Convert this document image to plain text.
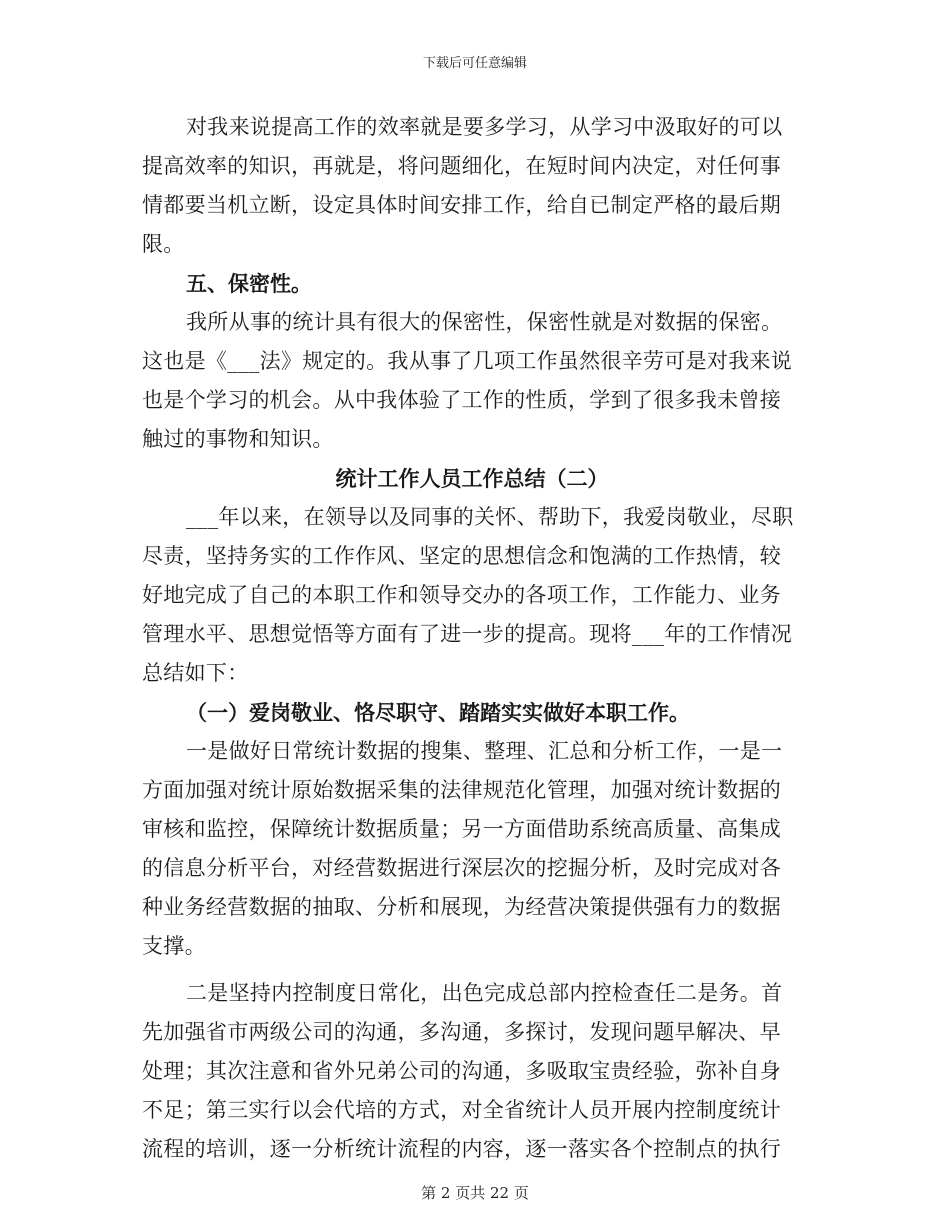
下载后可任意编辑

对我来说提高工作的效率就是要多学习，从学习中汲取好的可以
提高效率的知识，再就是，将问题细化，在短时间内决定，对任何事
情都要当机立断，设定具体时间安排工作，给自已制定严格的最后期
限。

五、保密性。

我所从事的统计具有很大的保密性，保密性就是对数据的保密。
这也是《___法》规定的。我从事了几项工作虽然很辛劳可是对我来说
也是个学习的机会。从中我体验了工作的性质，学到了很多我未曾接
触过的事物和知识。

统计工作人员工作总结（二）

___年以来，在领导以及同事的关怀、帮助下，我爱岗敬业，尽职
尽责，坚持务实的工作作风、坚定的思想信念和饱满的工作热情，较
好地完成了自己的本职工作和领导交办的各项工作，工作能力、业务
管理水平、思想觉悟等方面有了进一步的提高。现将___年的工作情况
总结如下：

（一）爱岗敬业、恪尽职守、踏踏实实做好本职工作。

一是做好日常统计数据的搜集、整理、汇总和分析工作，一是一
方面加强对统计原始数据采集的法律规范化管理，加强对统计数据的
审核和监控，保障统计数据质量；另一方面借助系统高质量、高集成
的信息分析平台，对经营数据进行深层次的挖掘分析，及时完成对各
种业务经营数据的抽取、分析和展现，为经营决策提供强有力的数据
支撑。

二是坚持内控制度日常化，出色完成总部内控检查任二是务。首
先加强省市两级公司的沟通，多沟通，多探讨，发现问题早解决、早
处理；其次注意和省外兄弟公司的沟通，多吸取宝贵经验，弥补自身
不足；第三实行以会代培的方式，对全省统计人员开展内控制度统计
流程的培训，逐一分析统计流程的内容，逐一落实各个控制点的执行

第 2 页共 22 页
